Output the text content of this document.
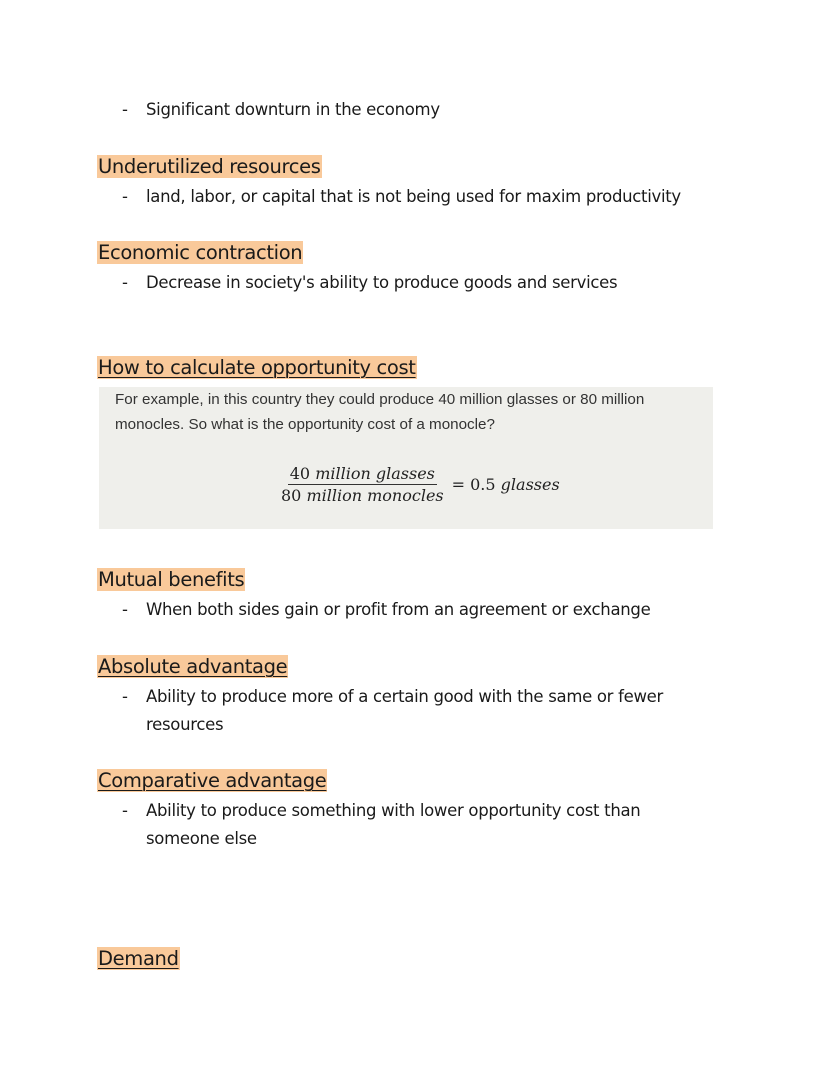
- Significant downturn in the economy
Underutilized resources
- land, labor, or capital that is not being used for maxim productivity
Economic contraction
- Decrease in society's ability to produce goods and services
How to calculate opportunity cost
For example, in this country they could produce 40 million glasses or 80 million monocles. So what is the opportunity cost of a monocle?
$\frac{\text{40 million glasses}}{\text{80 million monocles}} = 0.5$ glasses
Mutual benefits
- When both sides gain or profit from an agreement or exchange
Absolute advantage
- Ability to produce more of a certain good with the same or fewer resources
Comparative advantage
- Ability to produce something with lower opportunity cost than someone else
Demand
